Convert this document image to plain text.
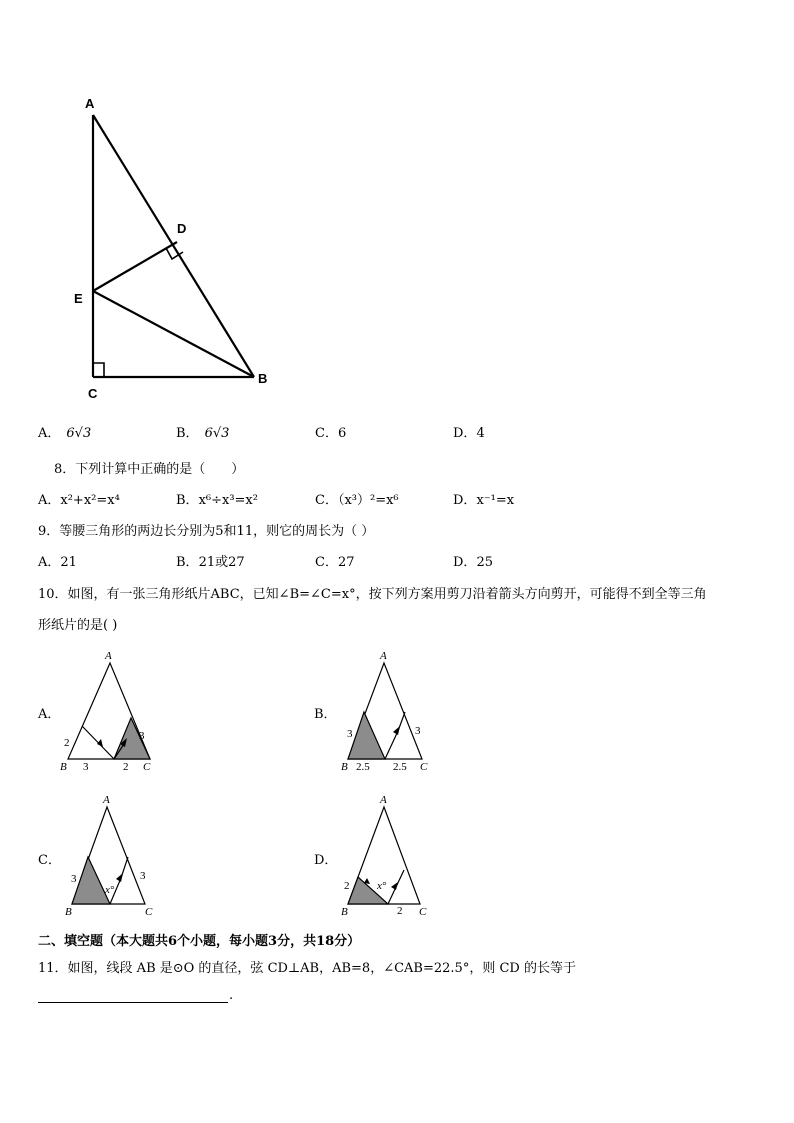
A
D
E
C
B
A． 6√3	B． 6√3	C．6	D．4
8．下列计算中正确的是（　　）
A．x²+x²=x⁴	B．x⁶÷x³=x²	C．（x³）²=x⁶	D．x⁻¹=x
9．等腰三角形的两边长分别为5和11，则它的周长为（ ）
A．21	B．21或27	C．27	D．25
10．如图，有一张三角形纸片ABC，已知∠B=∠C=x°，按下列方案用剪刀沿着箭头方向剪开，可能得不到全等三角
形纸片的是( )
A．
A
B	C
2
3	2
3
B．
A
B	C
3	3
2.5 2.5
C．
A
B	C
3	3
x°
D．
A
B	C
2	x°
2
二、填空题（本大题共6个小题，每小题3分，共18分）
11．如图，线段 AB 是⊙O 的直径，弦 CD⊥AB，AB=8，∠CAB=22.5°，则 CD 的长等于
.
